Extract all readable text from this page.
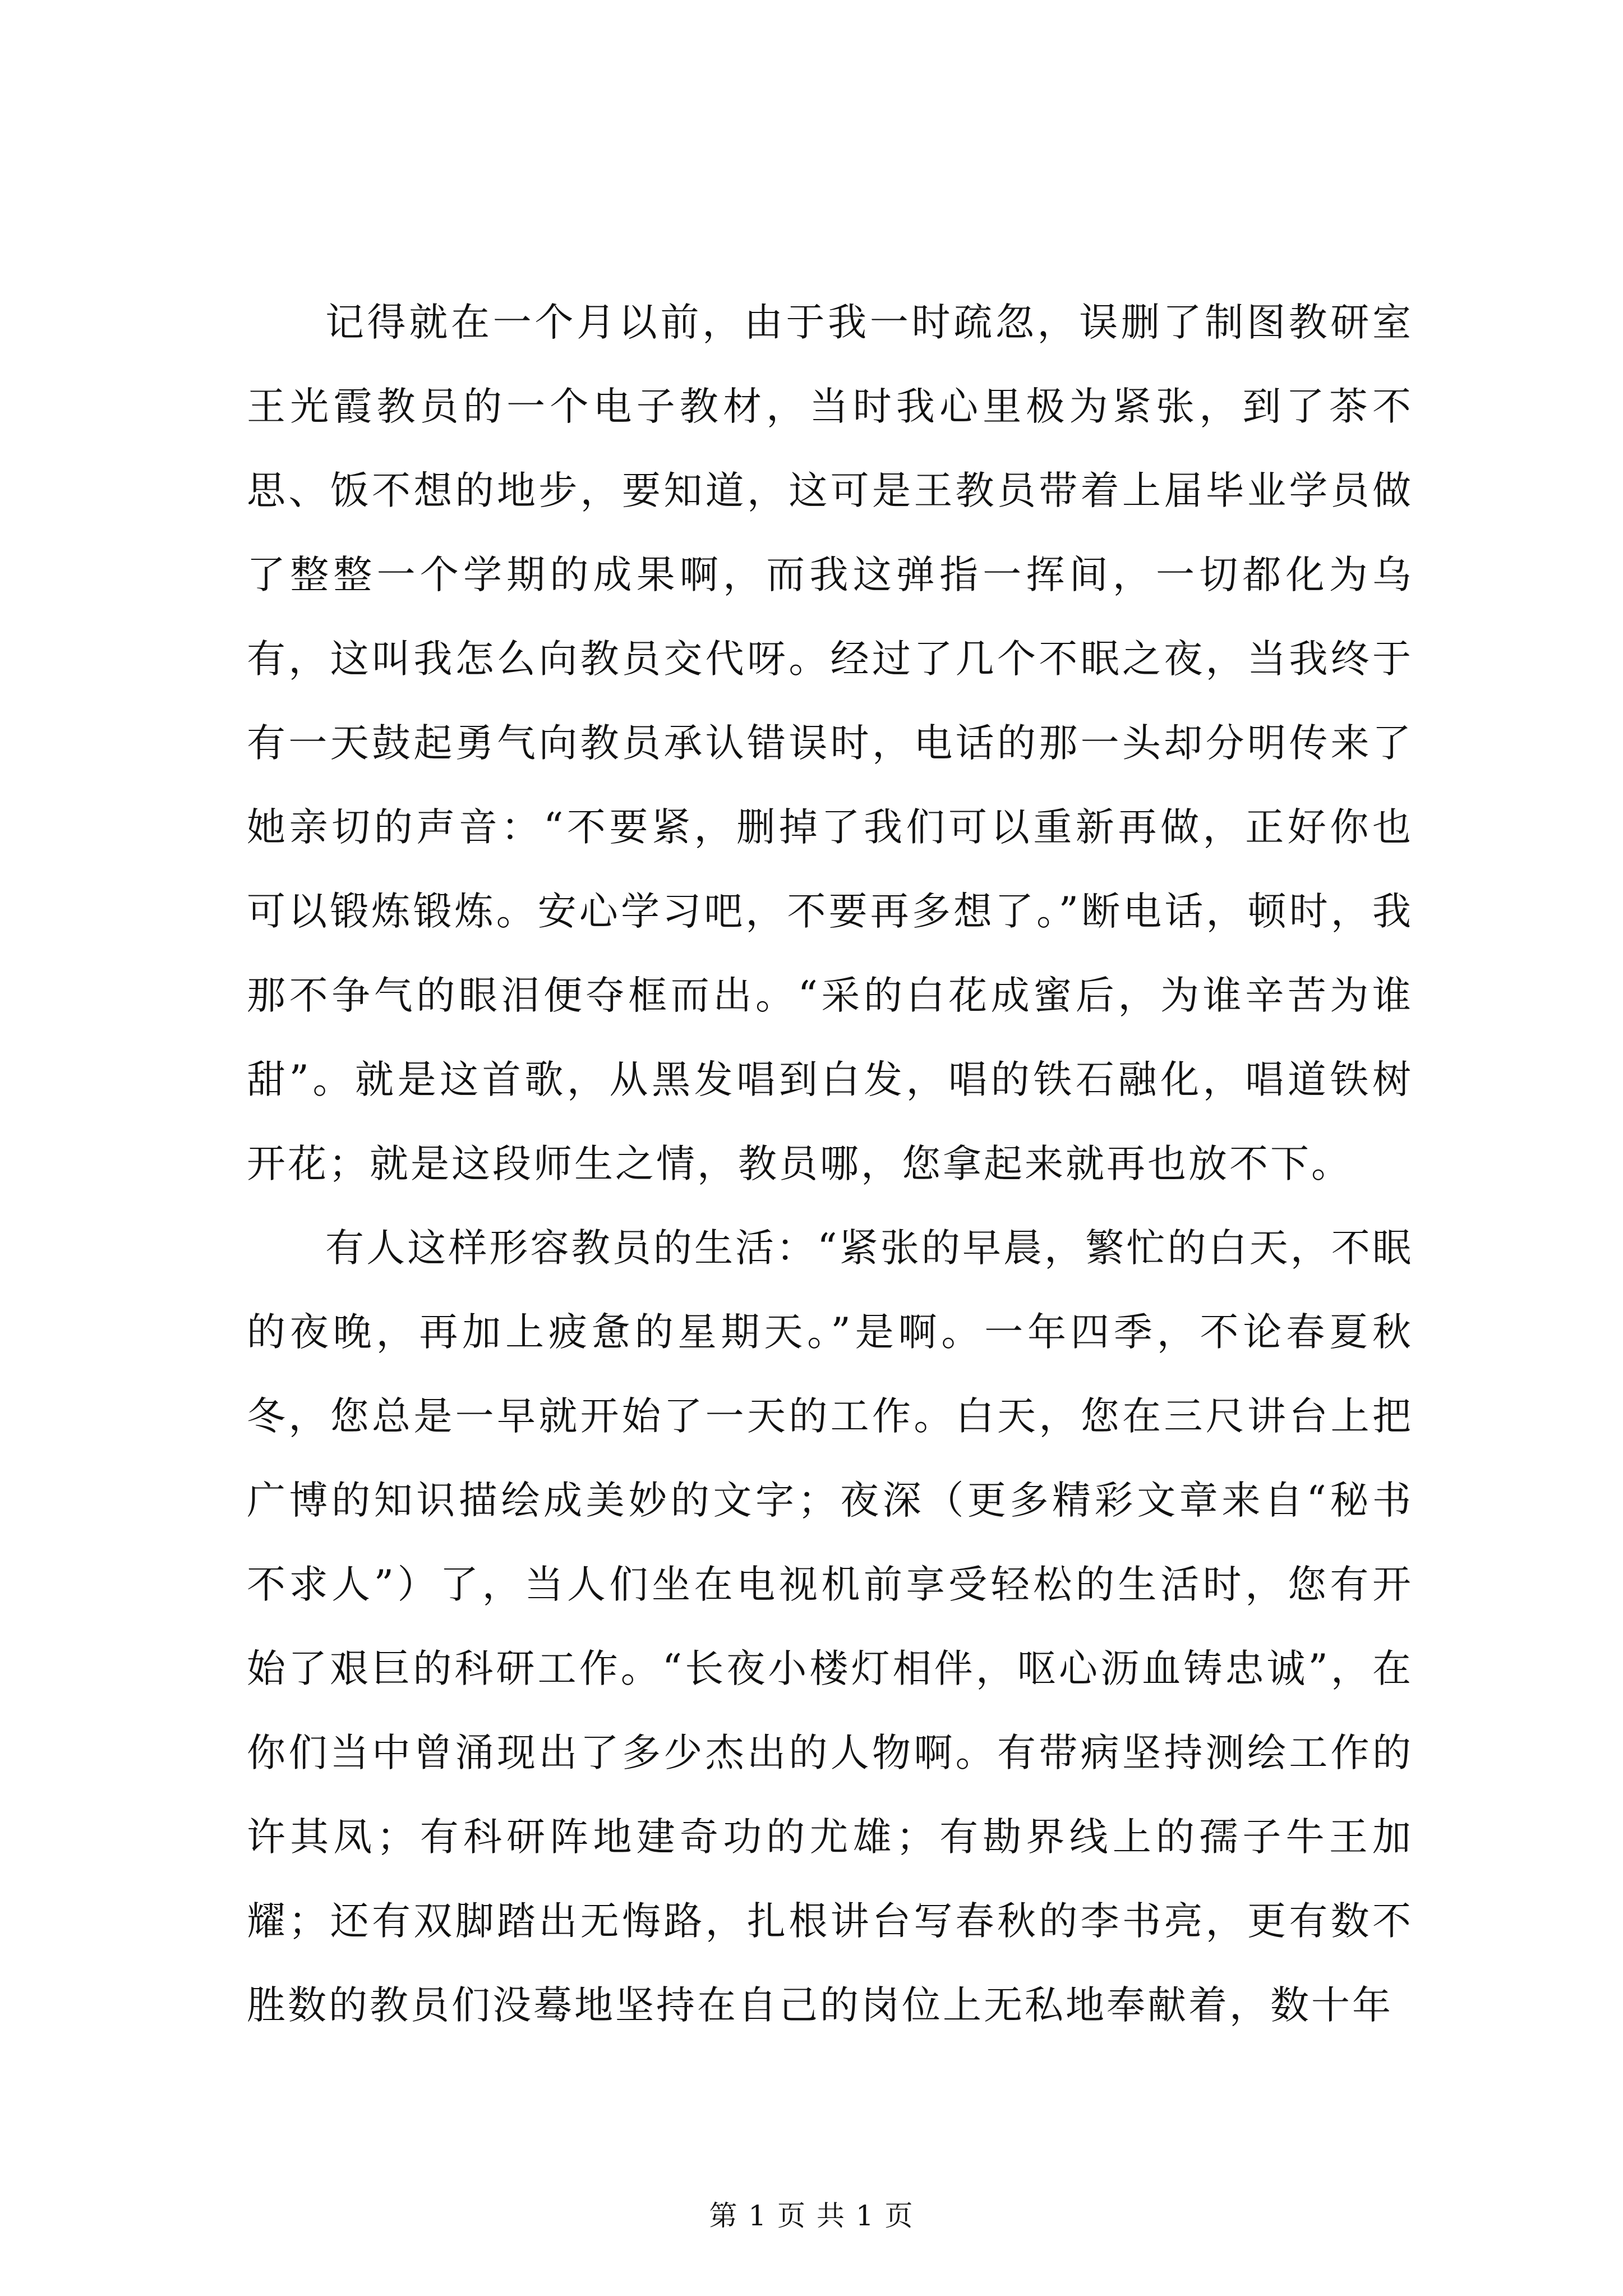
记得就在一个月以前，由于我一时疏忽，误删了制图教研室王光霞教员的一个电子教材，当时我心里极为紧张，到了茶不思、饭不想的地步，要知道，这可是王教员带着上届毕业学员做了整整一个学期的成果啊，而我这弹指一挥间，一切都化为乌有，这叫我怎么向教员交代呀。经过了几个不眠之夜，当我终于有一天鼓起勇气向教员承认错误时，电话的那一头却分明传来了她亲切的声音：“不要紧，删掉了我们可以重新再做，正好你也可以锻炼锻炼。安心学习吧，不要再多想了。”断电话，顿时，我那不争气的眼泪便夺框而出。“采的白花成蜜后，为谁辛苦为谁甜”。就是这首歌，从黑发唱到白发，唱的铁石融化，唱道铁树开花；就是这段师生之情，教员哪，您拿起来就再也放不下。

有人这样形容教员的生活：“紧张的早晨，繁忙的白天，不眠的夜晚，再加上疲惫的星期天。”是啊。一年四季，不论春夏秋冬，您总是一早就开始了一天的工作。白天，您在三尺讲台上把广博的知识描绘成美妙的文字；夜深（更多精彩文章来自“秘书不求人”）了，当人们坐在电视机前享受轻松的生活时，您有开始了艰巨的科研工作。“长夜小楼灯相伴，呕心沥血铸忠诚”，在你们当中曾涌现出了多少杰出的人物啊。有带病坚持测绘工作的许其凤；有科研阵地建奇功的尤雄；有勘界线上的孺子牛王加耀；还有双脚踏出无悔路，扎根讲台写春秋的李书亮，更有数不胜数的教员们没蓦地坚持在自己的岗位上无私地奉献着，数十年

第 1 页 共 1 页
